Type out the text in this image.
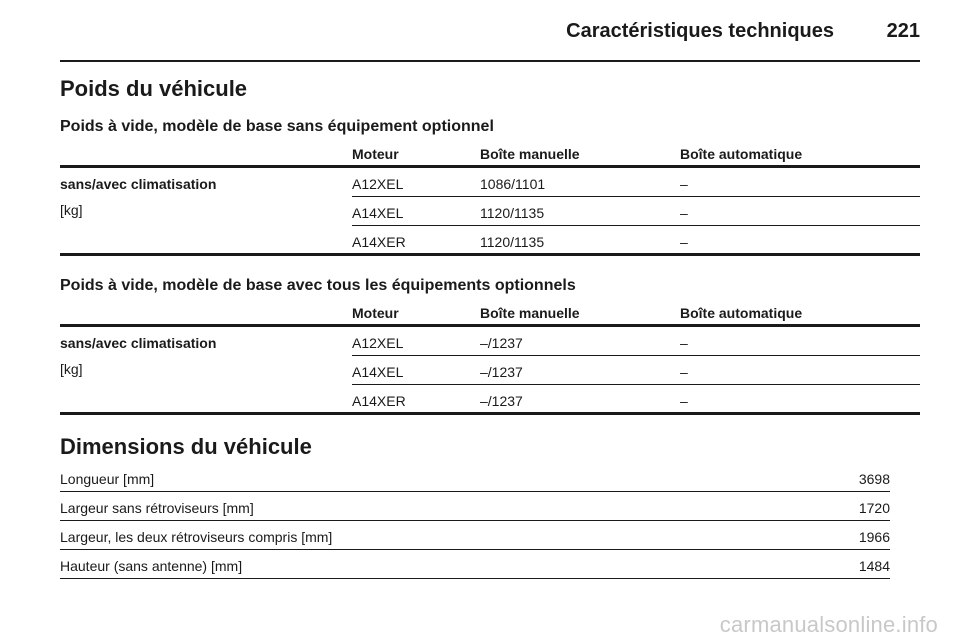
Caractéristiques techniques	221
Poids du véhicule
Poids à vide, modèle de base sans équipement optionnel
Moteur	Boîte manuelle	Boîte automatique
sans/avec climatisation
[kg]
A12XEL	1086/1101	–
A14XEL	1120/1135	–
A14XER	1120/1135	–
Poids à vide, modèle de base avec tous les équipements optionnels
Moteur	Boîte manuelle	Boîte automatique
sans/avec climatisation
[kg]
A12XEL	–/1237	–
A14XEL	–/1237	–
A14XER	–/1237	–
Dimensions du véhicule
Longueur [mm]	3698
Largeur sans rétroviseurs [mm]	1720
Largeur, les deux rétroviseurs compris [mm]	1966
Hauteur (sans antenne) [mm]	1484
carmanualsonline.info
